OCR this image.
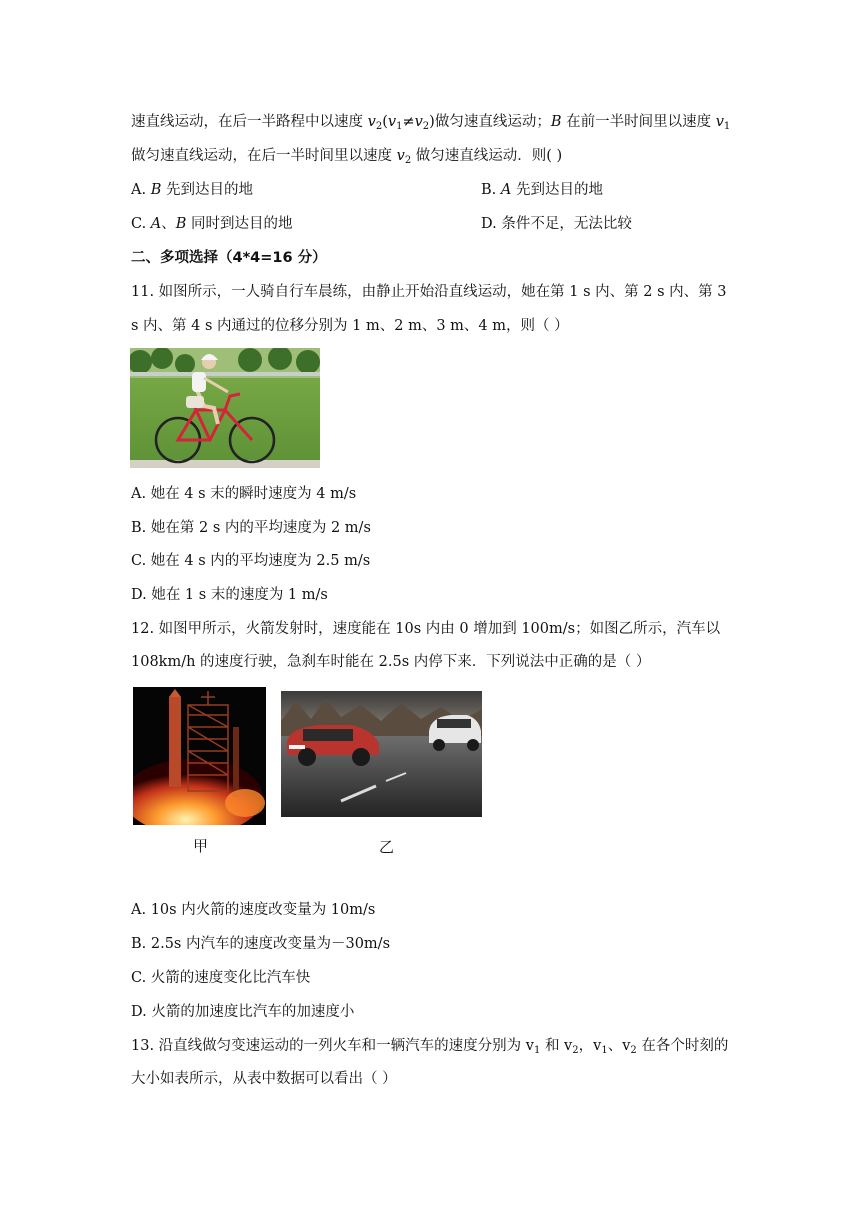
速直线运动，在后一半路程中以速度 $v_2(v_1\ne v_2)$做匀速直线运动；B 在前一半时间里以速度 $v_1$
做匀速直线运动，在后一半时间里以速度 $v_2$ 做匀速直线运动．则( )
A. B 先到达目的地	B. A 先到达目的地
C. A、B 同时到达目的地	D. 条件不足，无法比较
二、多项选择（4*4=16 分）
11. 如图所示，一人骑自行车晨练，由静止开始沿直线运动，她在第 1 s 内、第 2 s 内、第 3
s 内、第 4 s 内通过的位移分别为 1 m、2 m、3 m、4 m，则（ ）
A. 她在 4 s 末的瞬时速度为 4 m/s
B. 她在第 2 s 内的平均速度为 2 m/s
C. 她在 4 s 内的平均速度为 2.5 m/s
D. 她在 1 s 末的速度为 1 m/s
12. 如图甲所示，火箭发射时，速度能在 10s 内由 0 增加到 100m/s；如图乙所示，汽车以
108km/h 的速度行驶，急刹车时能在 2.5s 内停下来．下列说法中正确的是（ ）
甲	乙
A. 10s 内火箭的速度改变量为 10m/s
B. 2.5s 内汽车的速度改变量为－30m/s
C. 火箭的速度变化比汽车快
D. 火箭的加速度比汽车的加速度小
13. 沿直线做匀变速运动的一列火车和一辆汽车的速度分别为 $v_1$ 和 $v_2$，$v_1$、$v_2$ 在各个时刻的
大小如表所示，从表中数据可以看出（ ）
